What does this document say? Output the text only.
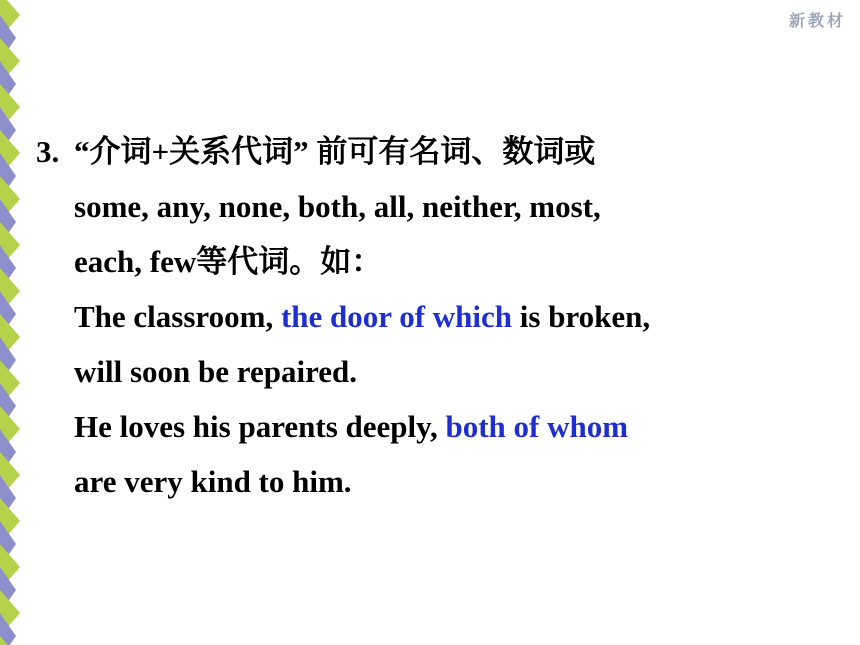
新教材
3. “介词+关系代词” 前可有名词、数词或
some, any, none, both, all, neither, most,
each, few等代词。如：
The classroom, the door of which is broken,
will soon be repaired.
He loves his parents deeply, both of whom
are very kind to him.
